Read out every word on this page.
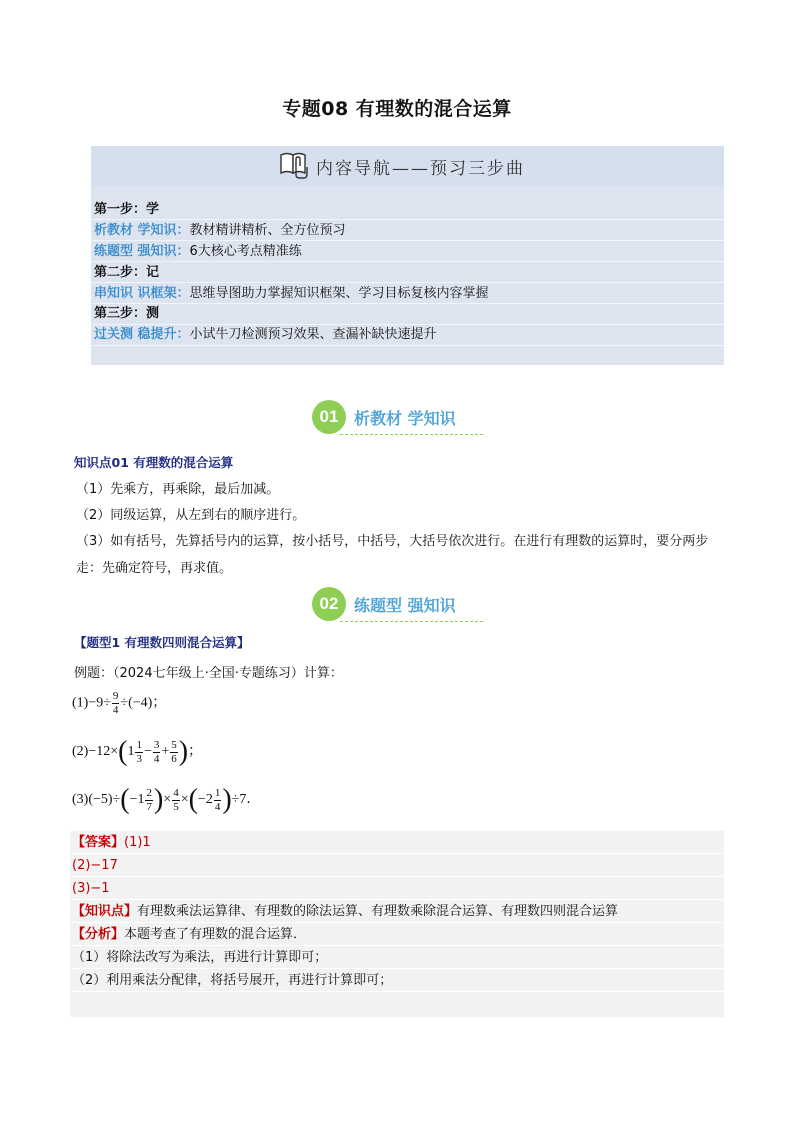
专题08 有理数的混合运算
内容导航——预习三步曲
第一步：学
析教材 学知识：教材精讲精析、全方位预习
练题型 强知识：6大核心考点精准练
第二步：记
串知识 识框架：思维导图助力掌握知识框架、学习目标复核内容掌握
第三步：测
过关测 稳提升：小试牛刀检测预习效果、查漏补缺快速提升
01 析教材 学知识
知识点01 有理数的混合运算
（1）先乘方，再乘除，最后加减。
（2）同级运算，从左到右的顺序进行。
（3）如有括号，先算括号内的运算，按小括号，中括号，大括号依次进行。在进行有理数的运算时，要分两步
走：先确定符号，再求值。
02 练题型 强知识
【题型1 有理数四则混合运算】
例题：（2024七年级上·全国·专题练习）计算：
$(1)-9\div \frac{9}{4} \div(-4)$；
$(2)-12\times(1 \frac{1}{3} - \frac{3}{4} + \frac{5}{6}$ )；
$(3)(-5)\div(-1 \frac{2}{7}$ )× $\frac{4}{5} \times(-2 \frac{1}{4} )\div 7$．
【答案】(1)1
(2)−17
(3)−1
【知识点】有理数乘法运算律、有理数的除法运算、有理数乘除混合运算、有理数四则混合运算
【分析】本题考查了有理数的混合运算．
（1）将除法改写为乘法，再进行计算即可；
（2）利用乘法分配律，将括号展开，再进行计算即可；
